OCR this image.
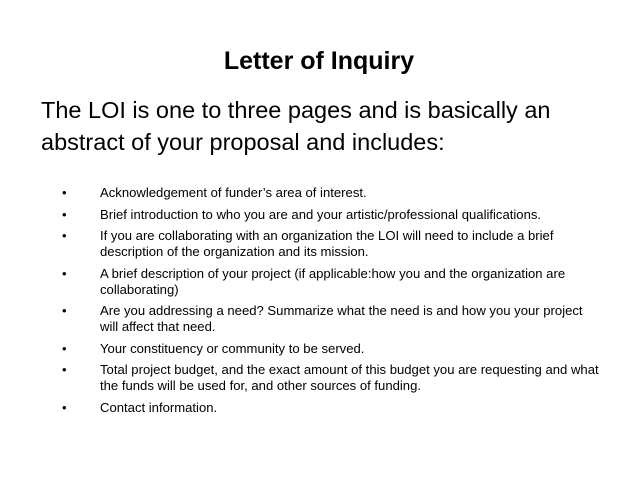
Letter of Inquiry

The LOI is one to three pages and is basically an abstract of your proposal and includes:

•	Acknowledgement of funder’s area of interest.
•	Brief introduction to who you are and your artistic/professional qualifications.
•	If you are collaborating with an organization the LOI will need to include a brief description of the organization and its mission.
•	A brief description of your project (if applicable:how you and the organization are collaborating)
•	Are you addressing a need? Summarize what the need is and how you your project will affect that need.
•	Your constituency or community to be served.
•	Total project budget, and the exact amount of this budget you are requesting and what the funds will be used for, and other sources of funding.
•	Contact information.
